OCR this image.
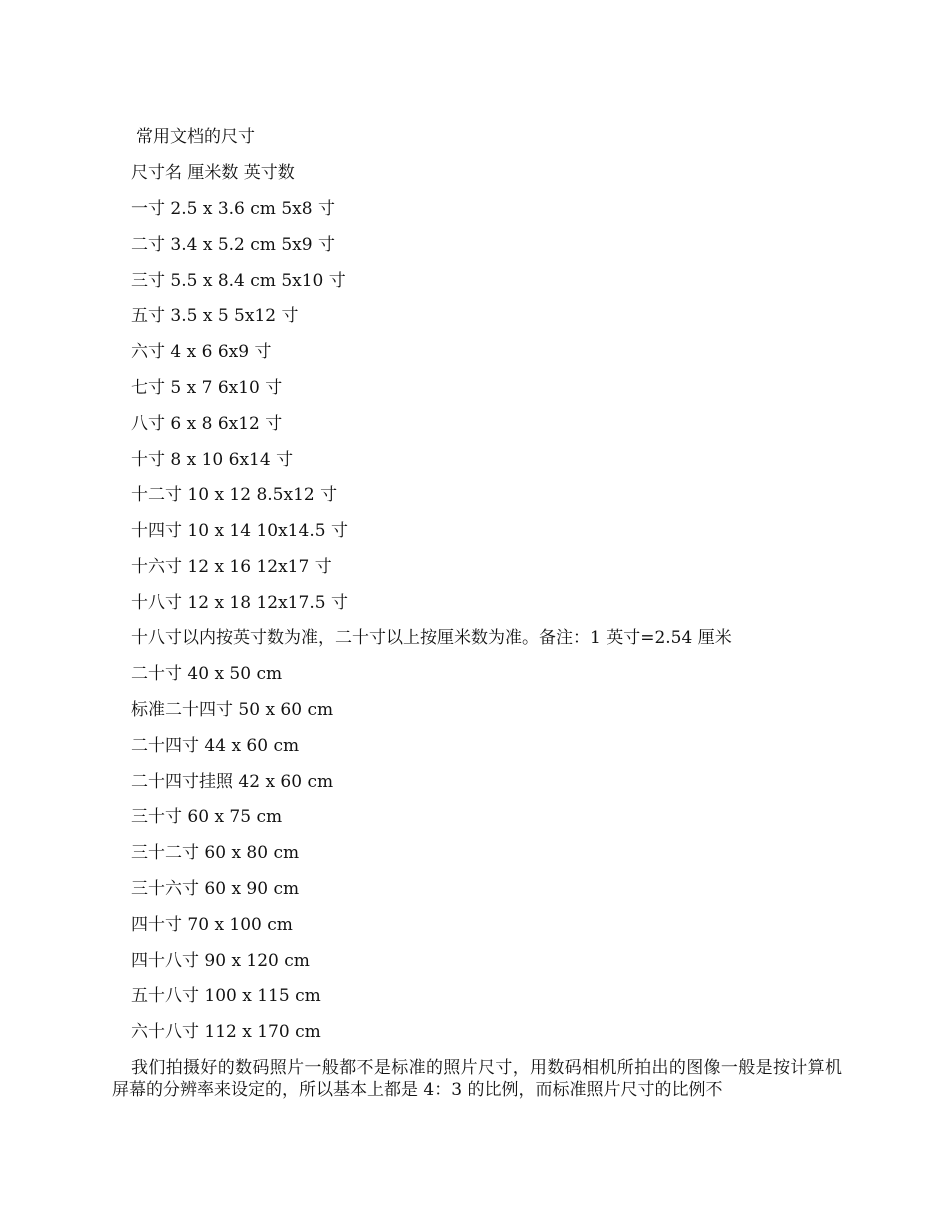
常用文档的尺寸
尺寸名 厘米数 英寸数
一寸 2.5 x 3.6 cm 5x8 寸
二寸 3.4 x 5.2 cm 5x9 寸
三寸 5.5 x 8.4 cm 5x10 寸
五寸 3.5 x 5 5x12 寸
六寸 4 x 6 6x9 寸
七寸 5 x 7 6x10 寸
八寸 6 x 8 6x12 寸
十寸 8 x 10 6x14 寸
十二寸 10 x 12 8.5x12 寸
十四寸 10 x 14 10x14.5 寸
十六寸 12 x 16 12x17 寸
十八寸 12 x 18 12x17.5 寸
十八寸以内按英寸数为准，二十寸以上按厘米数为准。备注：1 英寸=2.54 厘米
二十寸 40 x 50 cm
标准二十四寸 50 x 60 cm
二十四寸 44 x 60 cm
二十四寸挂照 42 x 60 cm
三十寸 60 x 75 cm
三十二寸 60 x 80 cm
三十六寸 60 x 90 cm
四十寸 70 x 100 cm
四十八寸 90 x 120 cm
五十八寸 100 x 115 cm
六十八寸 112 x 170 cm
我们拍摄好的数码照片一般都不是标准的照片尺寸，用数码相机所拍出的图像一般是按计算机屏幕的分辨率来设定的，所以基本上都是 4：3 的比例，而标准照片尺寸的比例不
